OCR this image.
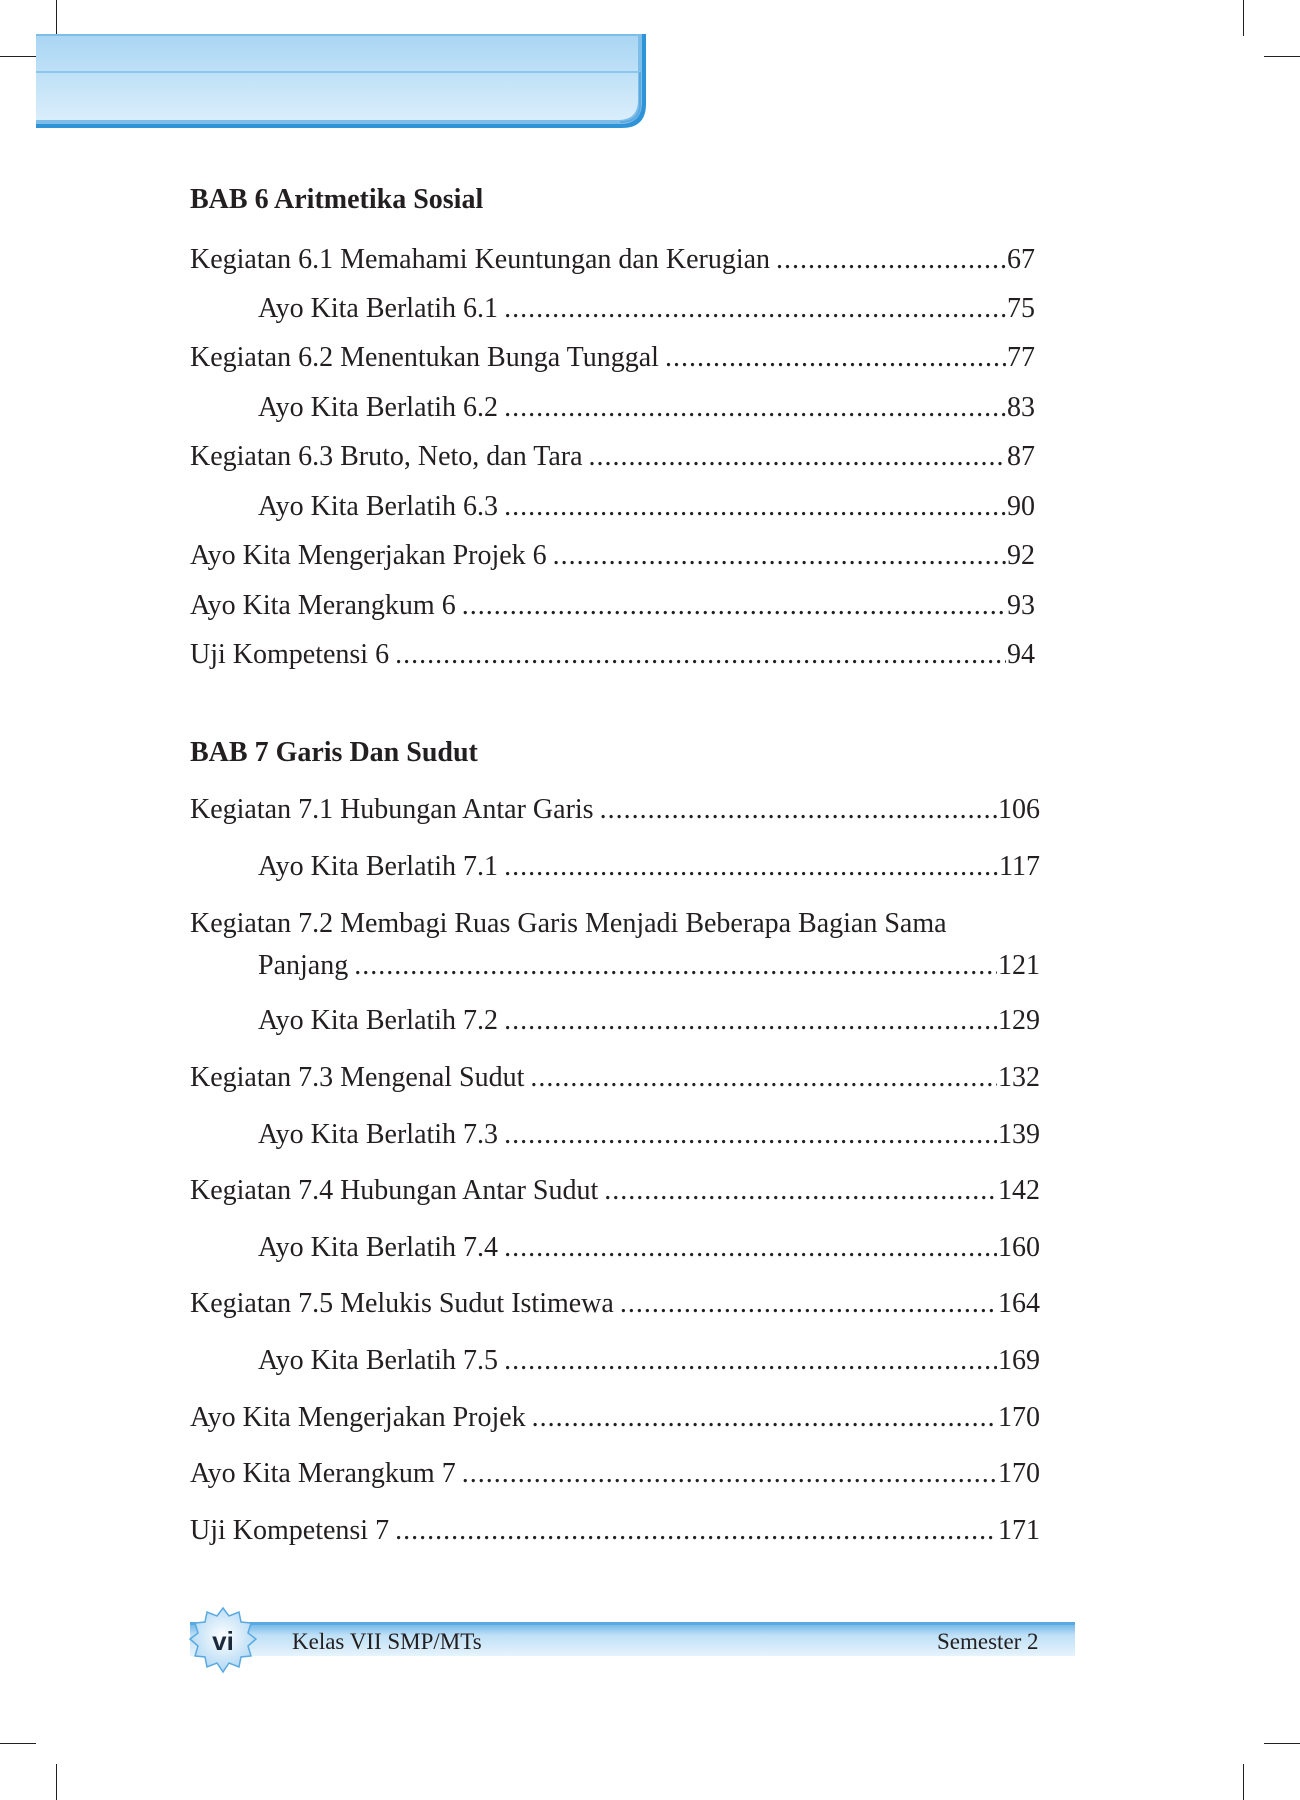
BAB 6 Aritmetika Sosial
Kegiatan 6.1 Memahami Keuntungan dan Kerugian .....	67
Ayo Kita Berlatih 6.1 .....	75
Kegiatan 6.2 Menentukan Bunga Tunggal .....	77
Ayo Kita Berlatih 6.2 .....	83
Kegiatan 6.3 Bruto, Neto, dan Tara .....	87
Ayo Kita Berlatih 6.3 .....	90
Ayo Kita Mengerjakan Projek 6 .....	92
Ayo Kita Merangkum 6 .....	93
Uji Kompetensi 6 .....	94
BAB 7 Garis Dan Sudut
Kegiatan 7.1 Hubungan Antar Garis .....	106
Ayo Kita Berlatih 7.1 .....	117
Kegiatan 7.2 Membagi Ruas Garis Menjadi Beberapa Bagian Sama
Panjang .....	121
Ayo Kita Berlatih 7.2 .....	129
Kegiatan 7.3 Mengenal Sudut .....	132
Ayo Kita Berlatih 7.3 .....	139
Kegiatan 7.4 Hubungan Antar Sudut .....	142
Ayo Kita Berlatih 7.4 .....	160
Kegiatan 7.5 Melukis Sudut Istimewa .....	164
Ayo Kita Berlatih 7.5 .....	169
Ayo Kita Mengerjakan Projek .....	170
Ayo Kita Merangkum 7 .....	170
Uji Kompetensi 7 .....	171
vi	Kelas VII SMP/MTs	Semester 2
